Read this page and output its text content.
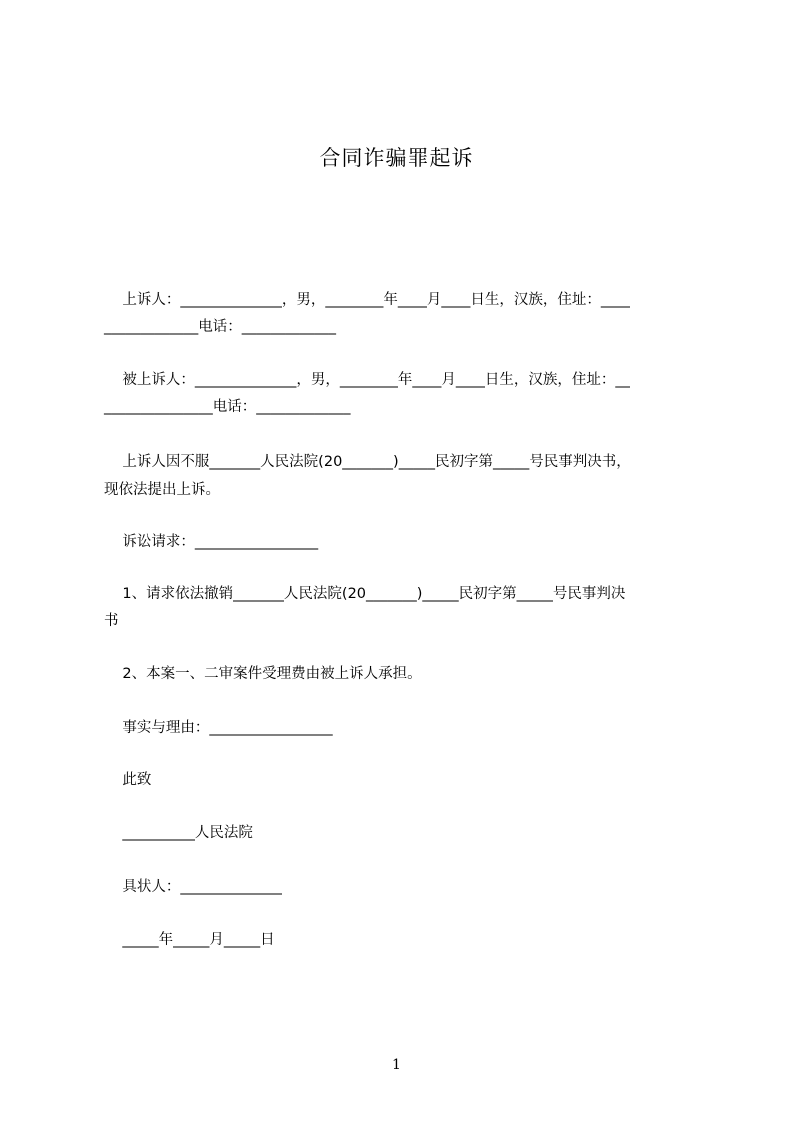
合同诈骗罪起诉
上诉人：______________，男，________年____月____日生，汉族，住址：____
_____________电话：_____________
被上诉人：______________，男，________年____月____日生，汉族，住址：__
_______________电话：_____________
上诉人因不服_______人民法院(20_______)_____民初字第_____号民事判决书，
现依法提出上诉。
诉讼请求：_________________
1、请求依法撤销_______人民法院(20_______)_____民初字第_____号民事判决
书
2、本案一、二审案件受理费由被上诉人承担。
事实与理由：_________________
此致
__________人民法院
具状人：______________
_____年_____月_____日
1
